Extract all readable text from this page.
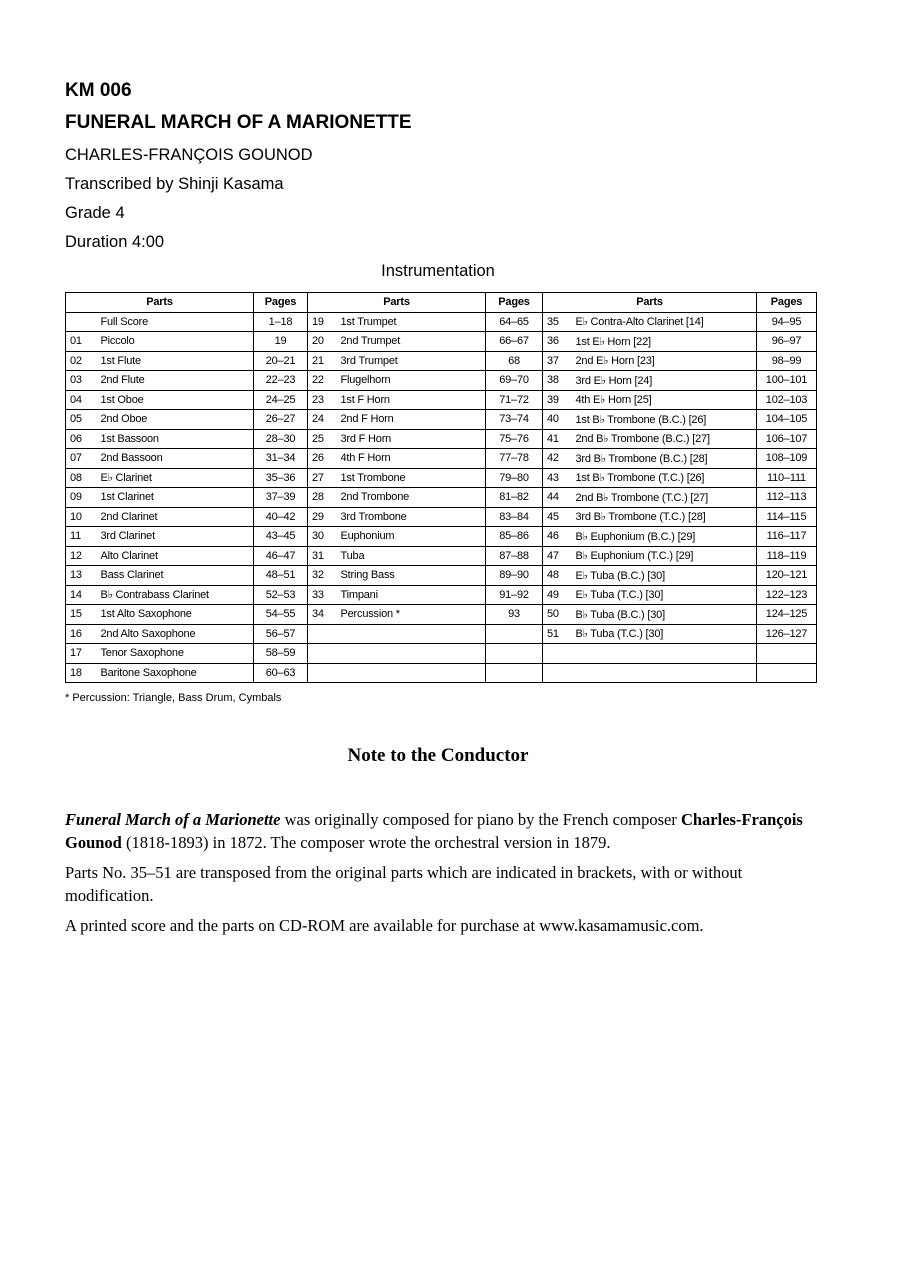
KM 006
FUNERAL MARCH OF A MARIONETTE
CHARLES-FRANÇOIS GOUNOD
Transcribed by Shinji Kasama
Grade 4
Duration 4:00
Instrumentation
Parts		Pages	Parts		Pages	Parts		Pages
	Full Score	1–18	19	1st Trumpet	64–65	35	E♭ Contra-Alto Clarinet [14]	94–95
01	Piccolo	19	20	2nd Trumpet	66–67	36	1st E♭ Horn [22]	96–97
02	1st Flute	20–21	21	3rd Trumpet	68	37	2nd E♭ Horn [23]	98–99
03	2nd Flute	22–23	22	Flugelhorn	69–70	38	3rd E♭ Horn [24]	100–101
04	1st Oboe	24–25	23	1st F Horn	71–72	39	4th E♭ Horn [25]	102–103
05	2nd Oboe	26–27	24	2nd F Horn	73–74	40	1st B♭ Trombone (B.C.) [26]	104–105
06	1st Bassoon	28–30	25	3rd F Horn	75–76	41	2nd B♭ Trombone (B.C.) [27]	106–107
07	2nd Bassoon	31–34	26	4th F Horn	77–78	42	3rd B♭ Trombone (B.C.) [28]	108–109
08	E♭ Clarinet	35–36	27	1st Trombone	79–80	43	1st B♭ Trombone (T.C.) [26]	110–111
09	1st Clarinet	37–39	28	2nd Trombone	81–82	44	2nd B♭ Trombone (T.C.) [27]	112–113
10	2nd Clarinet	40–42	29	3rd Trombone	83–84	45	3rd B♭ Trombone (T.C.) [28]	114–115
11	3rd Clarinet	43–45	30	Euphonium	85–86	46	B♭ Euphonium (B.C.) [29]	116–117
12	Alto Clarinet	46–47	31	Tuba	87–88	47	B♭ Euphonium (T.C.) [29]	118–119
13	Bass Clarinet	48–51	32	String Bass	89–90	48	E♭ Tuba (B.C.) [30]	120–121
14	B♭ Contrabass Clarinet	52–53	33	Timpani	91–92	49	E♭ Tuba (T.C.) [30]	122–123
15	1st Alto Saxophone	54–55	34	Percussion *	93	50	B♭ Tuba (B.C.) [30]	124–125
16	2nd Alto Saxophone	56–57				51	B♭ Tuba (T.C.) [30]	126–127
17	Tenor Saxophone	58–59						
18	Baritone Saxophone	60–63						
* Percussion: Triangle, Bass Drum, Cymbals
Note to the Conductor

Funeral March of a Marionette was originally composed for piano by the French composer Charles-François Gounod (1818-1893) in 1872. The composer wrote the orchestral version in 1879.

Parts No. 35–51 are transposed from the original parts which are indicated in brackets, with or without modification.

A printed score and the parts on CD-ROM are available for purchase at www.kasamamusic.com.
